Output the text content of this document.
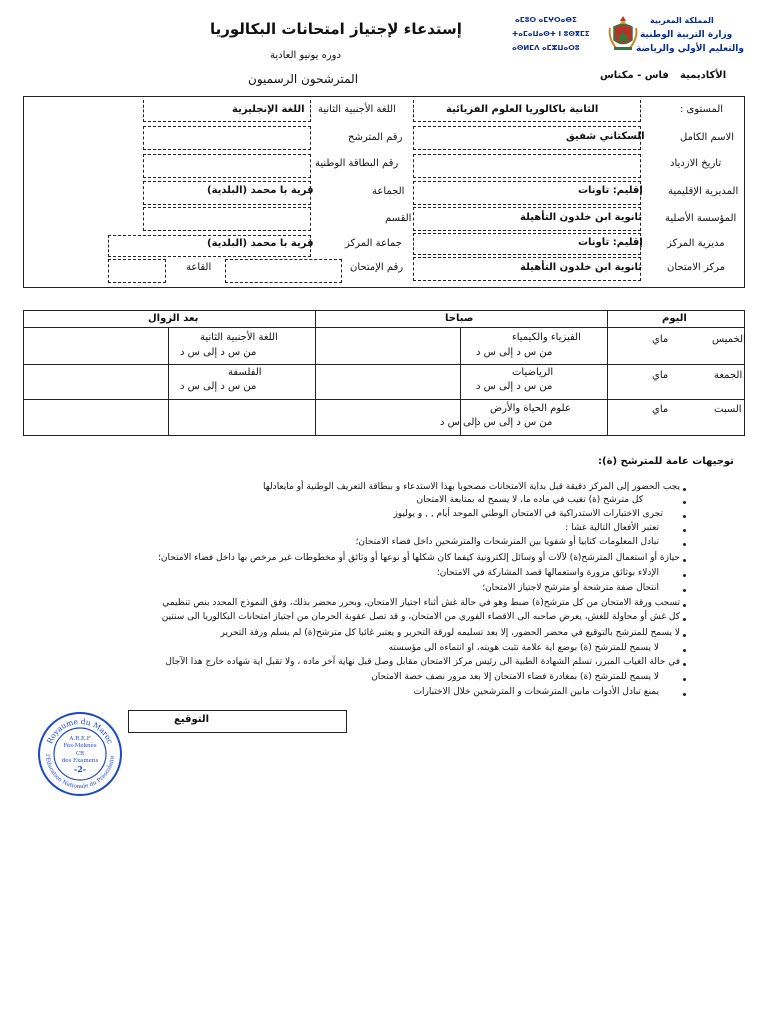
إستدعاء لإجتياز امتحانات البكالوريا
دوره يونيو العادية
المترشحون الرسميون
المملكة المغربية
وزارة التربية الوطنية
والتعليم الأولي والرياضة
ⴰⵎⵓⵔ ⴰⵎⵖⵔⴰⴱⵉ
ⵜⴰⵎⴰⵡⴰⵙⵜ ⵏ ⵓⵙⴳⵎⵉ
ⴰⵙⵍⵎⴷ ⴰⵎⵣⵡⴰⵔⵓ
الأكاديمية
فاس - مكناس
المستوى :
الاسم الكامل
تاريخ الازدياد
المديرية الإقليمية
المؤسسة الأصلية
مديرية المركز
مركز الامتحان
الثانية باكالوريا العلوم الفزيائية
السكتاني شفيق
إقليم: تاونات
ثانوية ابن خلدون التأهيلة
إقليم: تاونات
ثانوية ابن خلدون التأهيلة
اللغة الأجنبية الثانية
رقم المترشح
رقم البطاقة الوطنية
الجماعة
القسم
جماعة المركز
رقم الإمتحان
اللغة الإنجليزية
قرية با محمد (البلدية)
قرية با محمد (البلدية)
القاعة
اليوم
صباحا
بعد الزوال
الخميس
ماي
الفيزياء والكيمياء
من س د إلى س د
اللغة الأجنبية الثانية
من س د إلى س د
الجمعة
ماي
الرياضيات
من س د إلى س د
الفلسفة
من س د إلى س د
السبت
ماي
علوم الحياة والأرض
من س د إلى س د
إلى س د
توجيهات عامة للمترشح (ة):
يجب الحضور إلى المركز دقيقة قبل بداية الامتحانات مصحوبا بهذا الاستدعاء و ببطاقة التعريف الوطنية أو مايعادلها
كل مترشح (ة) تغيب في ماده ما، لا يسمح له بمتابعة الامتحان
تجرى الاختبارات الاستدراكية في الامتحان الوطني الموحد أيام , , و يوليوز
تعتبر الأفعال التالية غشا :
تبادل المعلومات كتابيا أو شفويا بين المترشحات والمترشحين داخل فضاء الامتحان؛
حيازة أو استعمال المترشح(ة) لآلات أو وسائل إلكترونية كيفما كان شكلها أو نوعها أو وثائق أو مخطوطات غير مرخص بها داخل فضاء الامتحان؛
الإدلاء بوثائق مزورة واستعمالها قصد المشاركة في الامتحان؛
انتحال صفة مترشحة أو مترشح لاجتياز الامتحان؛
تسحب ورقة الامتحان من كل مترشح(ة) ضبط وهو في حالة غش أثناء اجتياز الامتحان، وبحرر محضر بذلك، وفق النموذج المحدد بنص تنظيمي
كل غش أو محاولة للغش، يعرض صاحبه الى الاقصاء الفوري من الامتحان، و قد تصل عقوبة الحرمان من اجتياز امتحانات البكالوريا الى سنتين
لا يسمح للمترشح بالتوقيع في محضر الحضور، إلا بعد تسليمه لورقة التحرير و يعتبر غائبا كل مترشح(ة) لم يسلم ورقة التحرير
لا يسمح للمترشح (ة) بوضع اية علامة تثبت هويته، او انتماءه الى مؤسسته
في حالة الغياب المبرر، تسلم الشهادة الطبية الى رئيس مركز الامتحان مقابل وصل قبل نهاية آخر ماده ، ولا تقبل اية شهاده خارج هذا الآجال
لا يسمح للمترشح (ة) بمغادرة فضاء الامتحان إلا بعد مرور نصف حصة الامتحان
يمنع تبادل الأدوات مابين المترشحات و المترشحين خلال الاختبارات
التوقيع
Royaume du Maroc
l'Education Nationale du Préscolaire
A.R.E.F
Fès-Meknès
CR
des Examens
-2-
